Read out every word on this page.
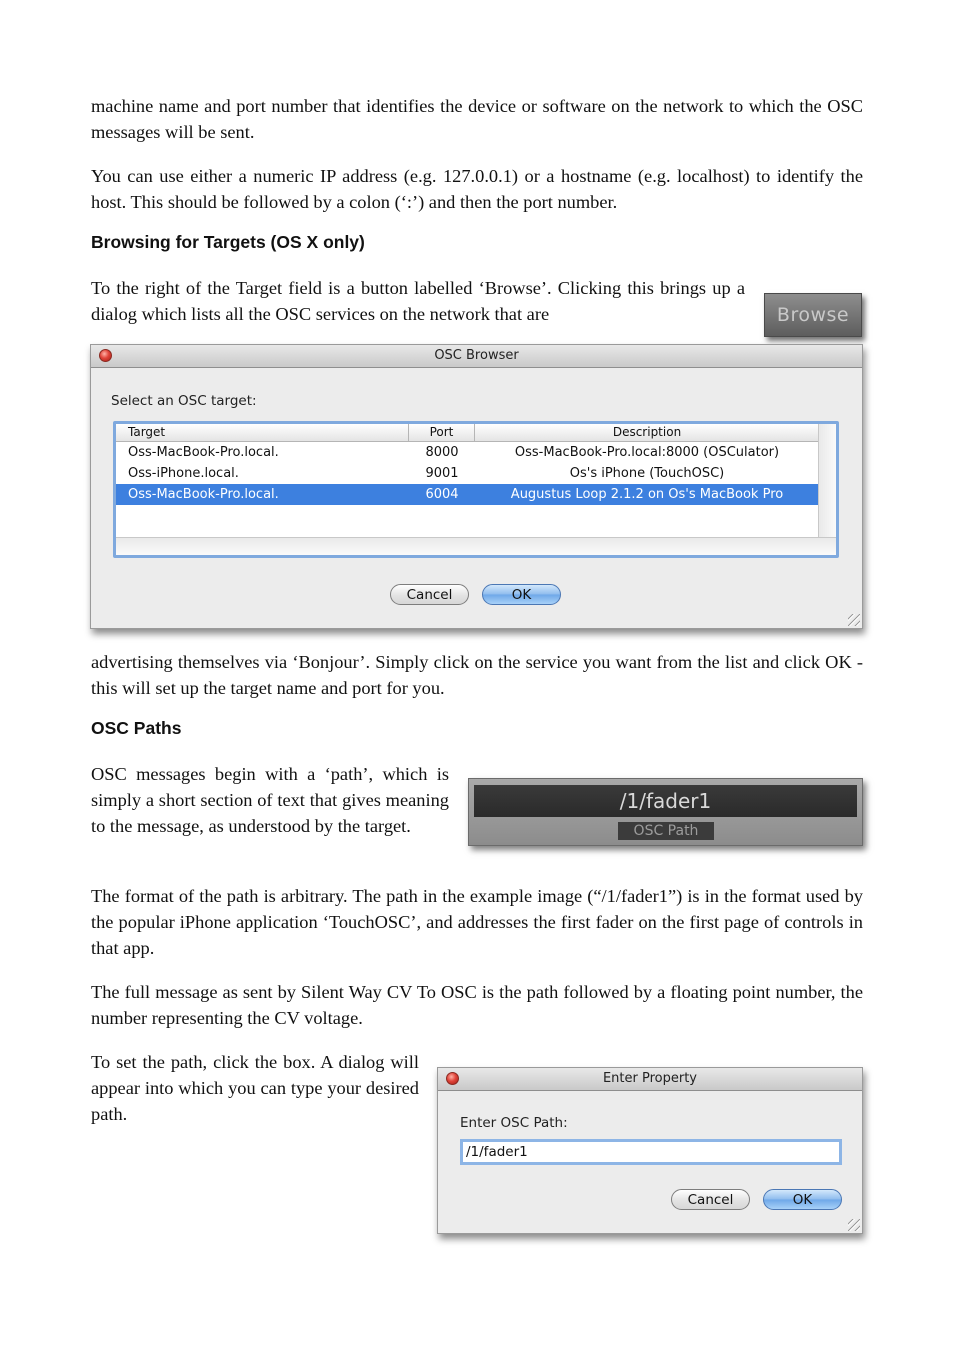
machine name and port number that identifies the device or software on the network to which the OSC messages will be sent.

You can use either a numeric IP address (e.g. 127.0.0.1) or a hostname (e.g. localhost) to identify the host. This should be followed by a colon (‘:’) and then the port number.

Browsing for Targets (OS X only)

To the right of the Target field is a button labelled ‘Browse’. Clicking this brings up a dialog which lists all the OSC services on the network that are	Browse
OSC Browser
Select an OSC target:
Target	Port	Description
Oss-MacBook-Pro.local.	8000	Oss-MacBook-Pro.local:8000 (OSCulator)
Oss-iPhone.local.	9001	Os's iPhone (TouchOSC)
Oss-MacBook-Pro.local.	6004	Augustus Loop 2.1.2 on Os's MacBook Pro
Cancel	OK

advertising themselves via ‘Bonjour’. Simply click on the service you want from the list and click OK - this will set up the target name and port for you.

OSC Paths

OSC messages begin with a ‘path’, which is simply a short section of text that gives meaning to the message, as understood by the target.

/1/fader1
OSC Path

The format of the path is arbitrary. The path in the example image (“/1/fader1”) is in the format used by the popular iPhone application ‘TouchOSC’, and addresses the first fader on the first page of controls in that app.

The full message as sent by Silent Way CV To OSC is the path followed by a floating point number, the number representing the CV voltage.

To set the path, click the box. A dialog will appear into which you can type your desired path.

Enter Property
Enter OSC Path:
/1/fader1
Cancel	OK
